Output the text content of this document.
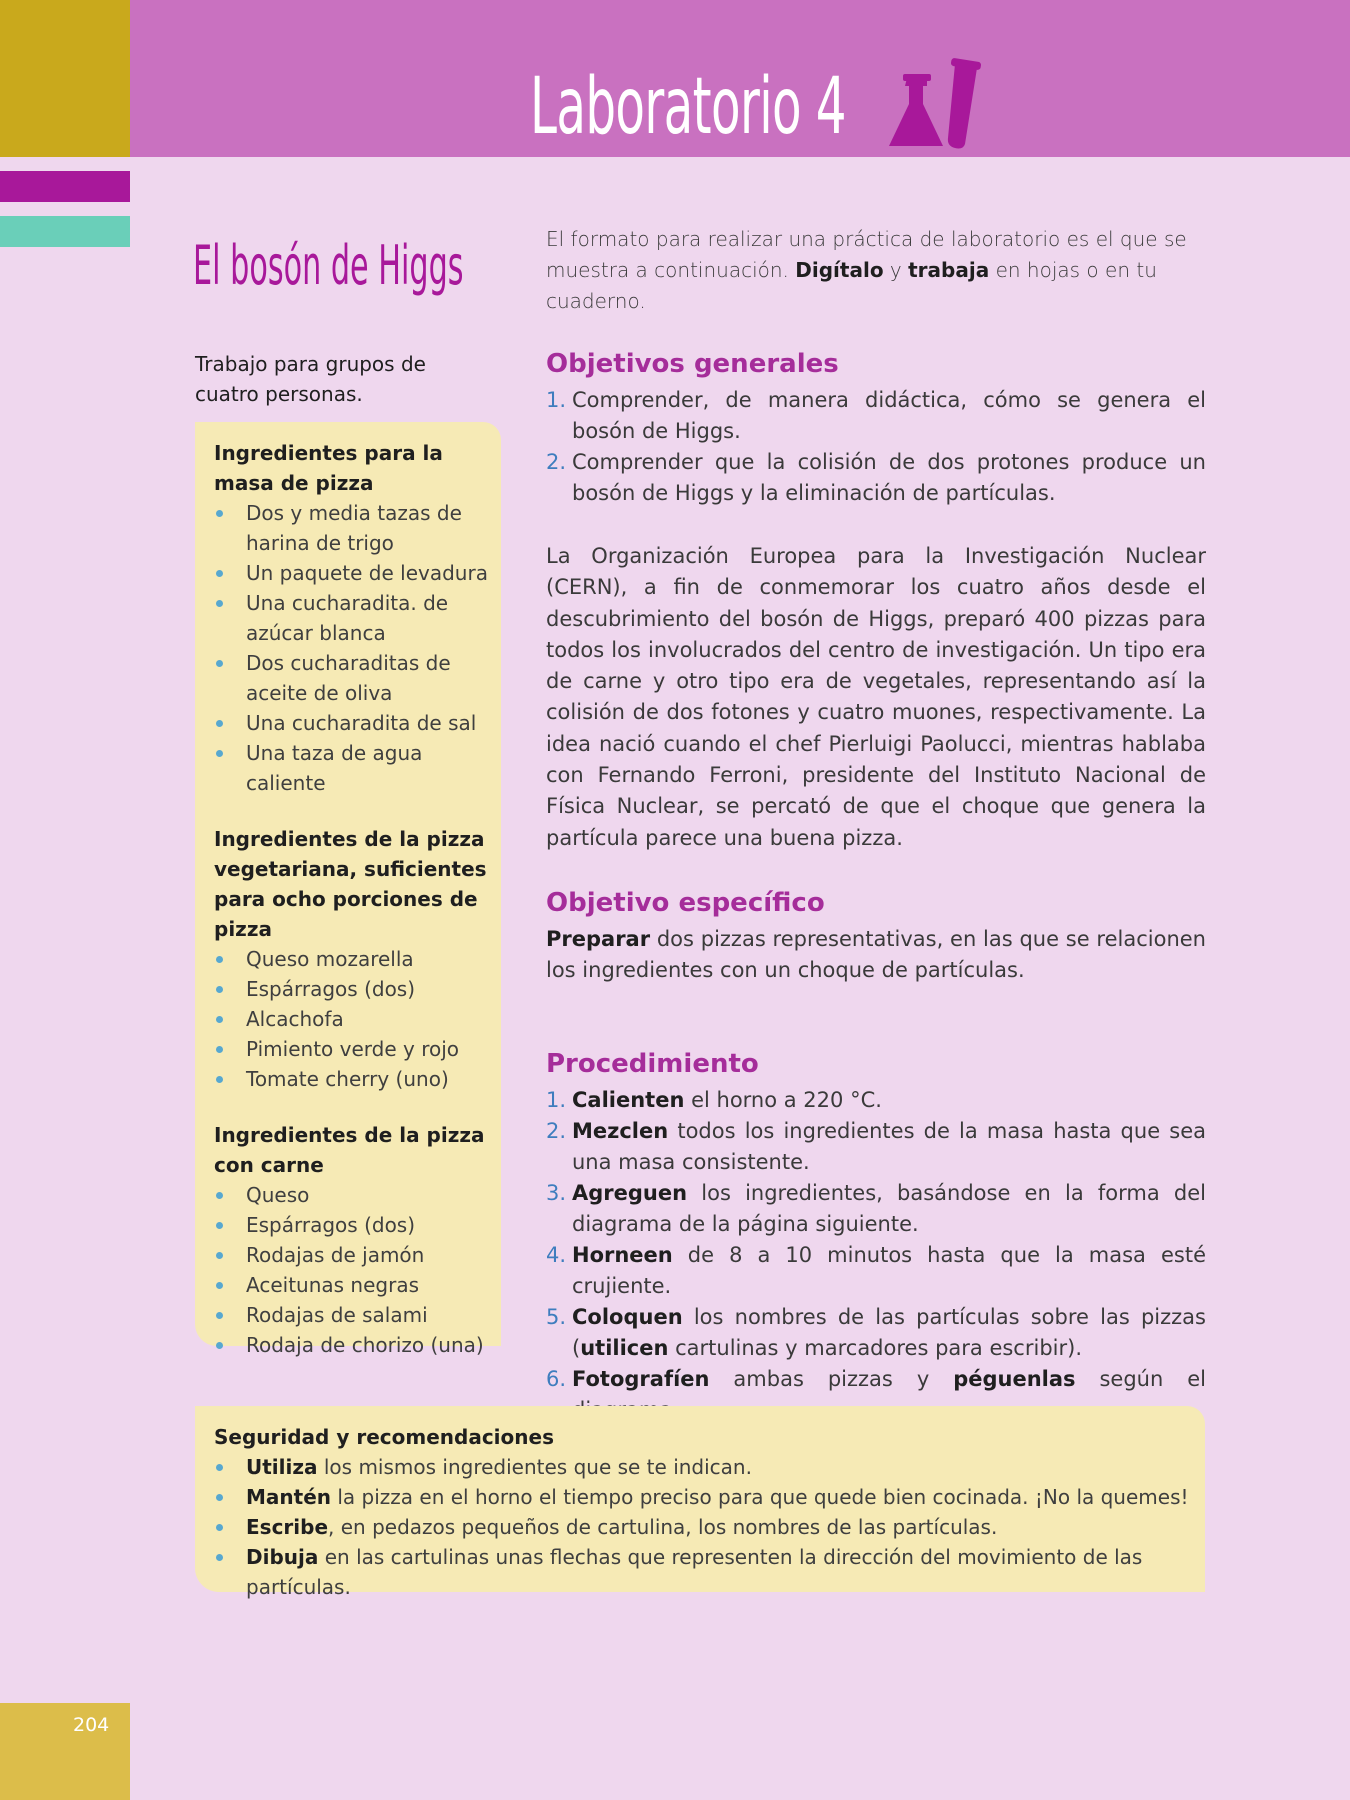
Laboratorio 4
El bosón de Higgs	El formato para realizar una práctica de laboratorio es el que se muestra a continuación. Digítalo y trabaja en hojas o en tu cuaderno.

Trabajo para grupos de cuatro personas.

Ingredientes para la masa de pizza

Dos y media tazas de harina de trigo
Un paquete de levadura
Una cucharadita. de azúcar blanca
Dos cucharaditas de aceite de oliva
Una cucharadita de sal
Una taza de agua caliente

Ingredientes de la pizza vegetariana, suficientes para ocho porciones de pizza

Queso mozarella
Espárragos (dos)
Alcachofa
Pimiento verde y rojo
Tomate cherry (uno)

Ingredientes de la pizza con carne

Queso
Espárragos (dos)
Rodajas de jamón
Aceitunas negras
Rodajas de salami
Rodaja de chorizo (una)
Objetivos generales
1. Comprender, de manera didáctica, cómo se genera el bosón de Higgs.
2. Comprender que la colisión de dos protones produce un bosón de Higgs y la eliminación de partículas.

La Organización Europea para la Investigación Nuclear (CERN), a fin de conmemorar los cuatro años desde el descubrimiento del bosón de Higgs, preparó 400 pizzas para todos los involucrados del centro de investigación. Un tipo era de carne y otro tipo era de vegetales, representando así la colisión de dos fotones y cuatro muones, respectivamente. La idea nació cuando el chef Pierluigi Paolucci, mientras hablaba con Fernando Ferroni, presidente del Instituto Nacional de Física Nuclear, se percató de que el choque que genera la partícula parece una buena pizza.

Objetivo específico

Preparar dos pizzas representativas, en las que se relacionen los ingredientes con un choque de partículas.

Procedimiento
1. Calienten el horno a 220 °C.
2. Mezclen todos los ingredientes de la masa hasta que sea una masa consistente.
3. Agreguen los ingredientes, basándose en la forma del diagrama de la página siguiente.
4. Horneen de 8 a 10 minutos hasta que la masa esté crujiente.
5. Coloquen los nombres de las partículas sobre las pizzas (utilicen cartulinas y marcadores para escribir).
6. Fotografíen ambas pizzas y péguenlas según el

Seguridad y recomendaciones

Utiliza los mismos ingredientes que se te indican.
Mantén la pizza en el horno el tiempo preciso para que quede bien cocinada. ¡No la quemes!
Escribe, en pedazos pequeños de cartulina, los nombres de las partículas.
Dibuja en las cartulinas unas flechas que representen la dirección del movimiento de las partículas.
204
